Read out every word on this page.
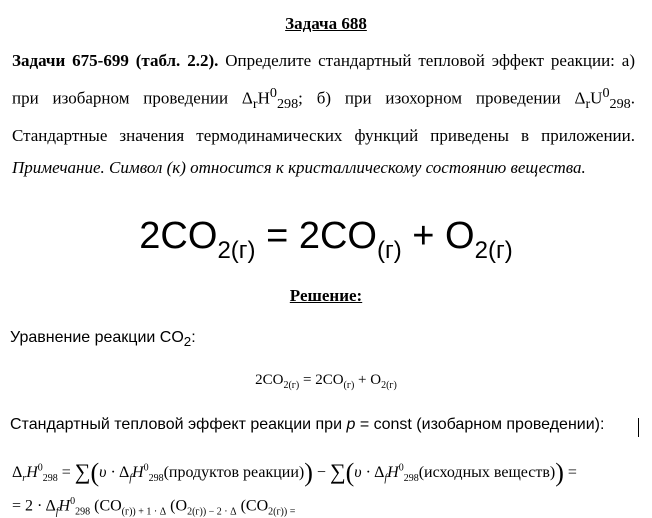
Задача 688
Задачи 675-699 (табл. 2.2). Определите стандартный тепловой эффект реакции: а) при изобарном проведении $\Delta_rH^0_{298}$; б) при изохорном проведении $\Delta_rU^0_{298}$. Стандартные значения термодинамических функций приведены в приложении. Примечание. Символ (к) относится к кристаллическому состоянию вещества.
$2CO_{2(г)} = 2CO_{(г)} + O_{2(г)}$
Решение:
Уравнение реакции $CO_2$:
$2CO_{2(г)} = 2CO_{(г)} + O_{2(г)}$
Стандартный тепловой эффект реакции при p = const (изобарном проведении):
$\Delta_rH^0_{298} = \sum(\upsilon$ · $\Delta_fH^0_{298}(продуктов$ реакции)) − $\sum(\upsilon \cdot \Delta_fH^0_{298}(исходных$ веществ)) =
= $2 \cdot \Delta_fH^0_{298}$ ($CO_{(г)) + 1 \cdot \Delta}$ ($O_{2(г)) - 2 \cdot \Delta}$ ($CO_{2(г)) =}$
